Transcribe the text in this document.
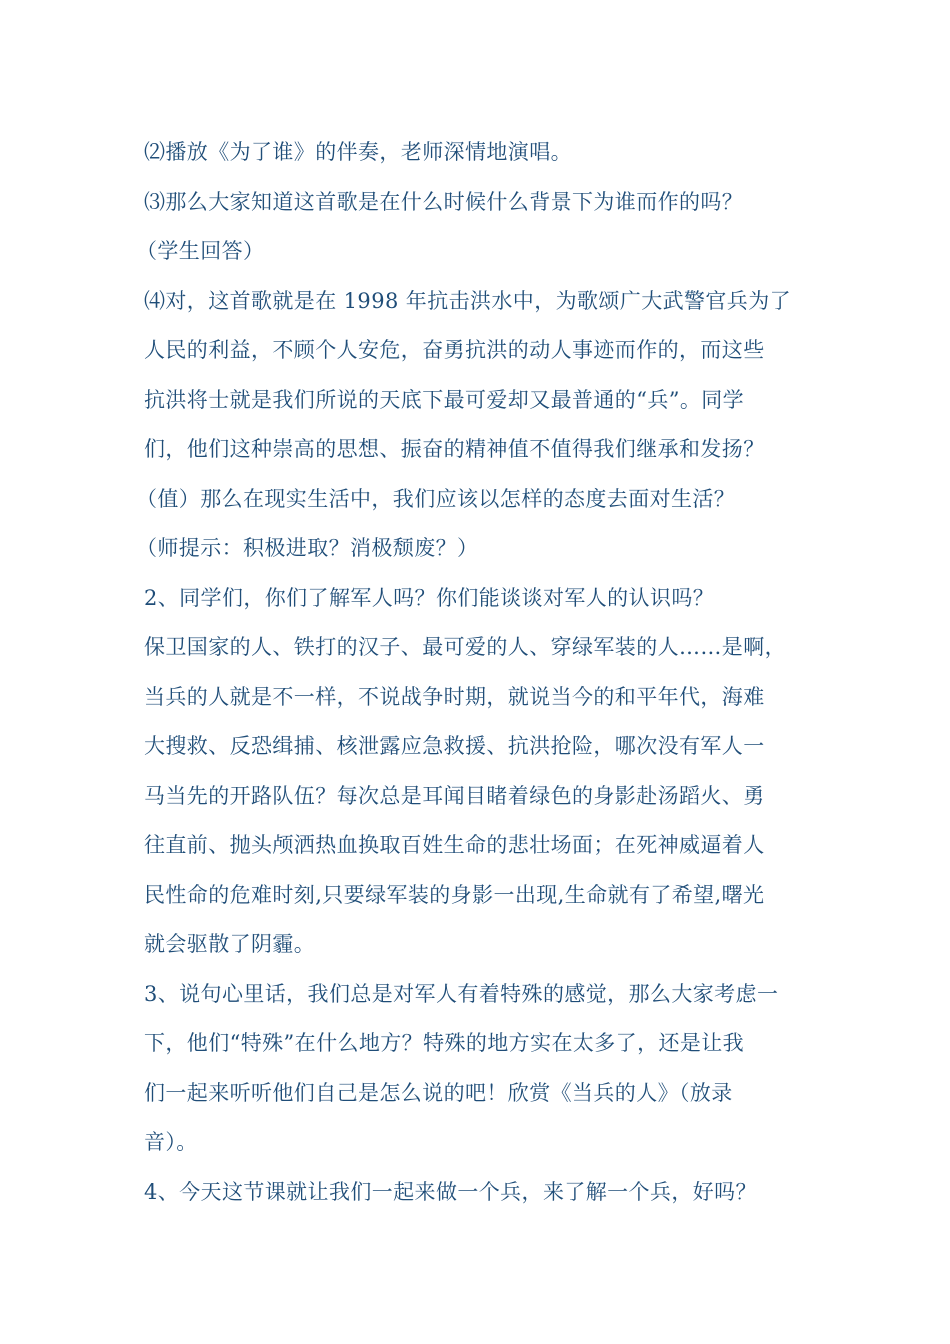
⑵播放《为了谁》的伴奏，老师深情地演唱。
⑶那么大家知道这首歌是在什么时候什么背景下为谁而作的吗？
（学生回答）
⑷对，这首歌就是在 1998 年抗击洪水中，为歌颂广大武警官兵为了
人民的利益，不顾个人安危，奋勇抗洪的动人事迹而作的，而这些
抗洪将士就是我们所说的天底下最可爱却又最普通的“兵”。同学
们，他们这种崇高的思想、振奋的精神值不值得我们继承和发扬？
（值）那么在现实生活中，我们应该以怎样的态度去面对生活？
（师提示：积极进取？消极颓废？）
2、同学们，你们了解军人吗？你们能谈谈对军人的认识吗？
保卫国家的人、铁打的汉子、最可爱的人、穿绿军装的人……是啊，
当兵的人就是不一样，不说战争时期，就说当今的和平年代，海难
大搜救、反恐缉捕、核泄露应急救援、抗洪抢险，哪次没有军人一
马当先的开路队伍？每次总是耳闻目睹着绿色的身影赴汤蹈火、勇
往直前、抛头颅洒热血换取百姓生命的悲壮场面；在死神威逼着人
民性命的危难时刻,只要绿军装的身影一出现,生命就有了希望,曙光
就会驱散了阴霾。
3、说句心里话，我们总是对军人有着特殊的感觉，那么大家考虑一
下，他们“特殊”在什么地方？特殊的地方实在太多了，还是让我
们一起来听听他们自己是怎么说的吧！欣赏《当兵的人》（放录
音）。
4、今天这节课就让我们一起来做一个兵，来了解一个兵，好吗？
